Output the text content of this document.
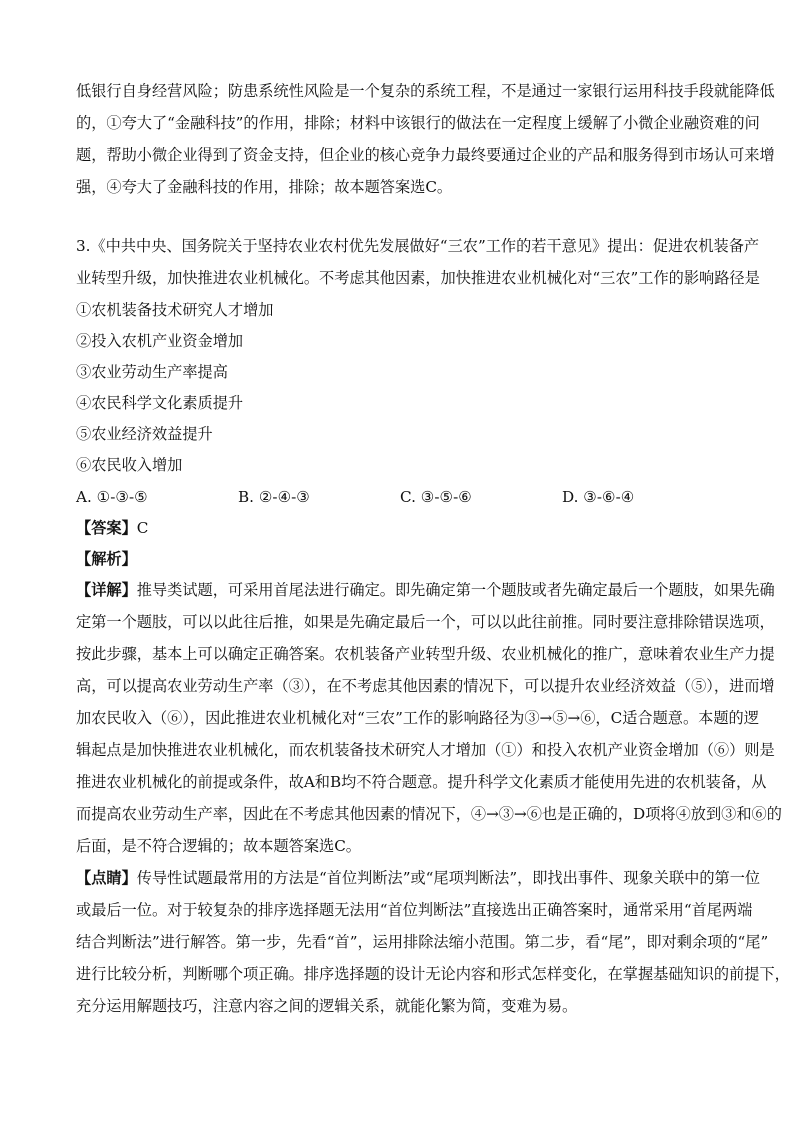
低银行自身经营风险；防患系统性风险是一个复杂的系统工程，不是通过一家银行运用科技手段就能降低
的，①夸大了“金融科技”的作用，排除；材料中该银行的做法在一定程度上缓解了小微企业融资难的问
题，帮助小微企业得到了资金支持，但企业的核心竞争力最终要通过企业的产品和服务得到市场认可来增
强，④夸大了金融科技的作用，排除；故本题答案选C。
3.《中共中央、国务院关于坚持农业农村优先发展做好“三农”工作的若干意见》提出：促进农机装备产
业转型升级，加快推进农业机械化。不考虑其他因素，加快推进农业机械化对“三农”工作的影响路径是
①农机装备技术研究人才增加
②投入农机产业资金增加
③农业劳动生产率提高
④农民科学文化素质提升
⑤农业经济效益提升
⑥农民收入增加
A. ①-③-⑤	B. ②-④-③	C. ③-⑤-⑥	D. ③-⑥-④
【答案】C
【解析】
【详解】推导类试题，可采用首尾法进行确定。即先确定第一个题肢或者先确定最后一个题肢，如果先确
定第一个题肢，可以以此往后推，如果是先确定最后一个，可以以此往前推。同时要注意排除错误选项，
按此步骤，基本上可以确定正确答案。农机装备产业转型升级、农业机械化的推广，意味着农业生产力提
高，可以提高农业劳动生产率（③），在不考虑其他因素的情况下，可以提升农业经济效益（⑤），进而增
加农民收入（⑥），因此推进农业机械化对“三农”工作的影响路径为③→⑤→⑥，C适合题意。本题的逻
辑起点是加快推进农业机械化，而农机装备技术研究人才增加（①）和投入农机产业资金增加（⑥）则是
推进农业机械化的前提或条件，故A和B均不符合题意。提升科学文化素质才能使用先进的农机装备，从
而提高农业劳动生产率，因此在不考虑其他因素的情况下，④→③→⑥也是正确的，D项将④放到③和⑥的
后面，是不符合逻辑的；故本题答案选C。
【点睛】传导性试题最常用的方法是“首位判断法”或“尾项判断法”，即找出事件、现象关联中的第一位
或最后一位。对于较复杂的排序选择题无法用“首位判断法”直接选出正确答案时，通常采用“首尾两端
结合判断法”进行解答。第一步，先看“首”，运用排除法缩小范围。第二步，看“尾”，即对剩余项的“尾”
进行比较分析，判断哪个项正确。排序选择题的设计无论内容和形式怎样变化，在掌握基础知识的前提下，
充分运用解题技巧，注意内容之间的逻辑关系，就能化繁为简，变难为易。
